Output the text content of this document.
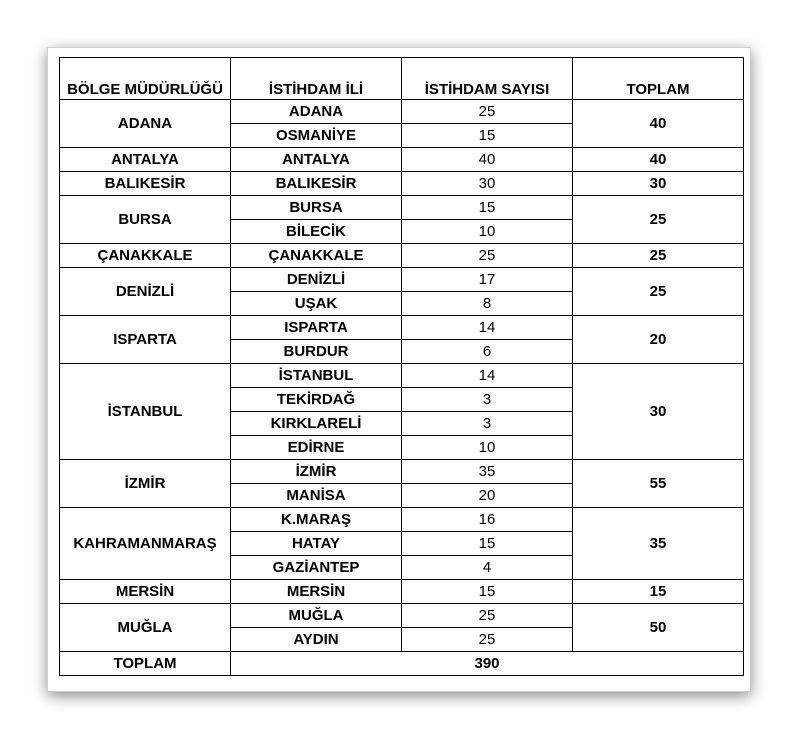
BÖLGE MÜDÜRLÜĞÜ	İSTİHDAM İLİ	İSTİHDAM SAYISI	TOPLAM
ADANA	ADANA	25	40
	OSMANİYE	15	
ANTALYA	ANTALYA	40	40
BALIKESİR	BALIKESİR	30	30
BURSA	BURSA	15	25
	BİLECİK	10	
ÇANAKKALE	ÇANAKKALE	25	25
DENİZLİ	DENİZLİ	17	25
	UŞAK	8	
ISPARTA	ISPARTA	14	20
	BURDUR	6	
İSTANBUL	İSTANBUL	14	30
	TEKİRDAĞ	3	
	KIRKLARELİ	3	
	EDİRNE	10	
İZMİR	İZMİR	35	55
	MANİSA	20	
KAHRAMANMARAŞ	K.MARAŞ	16	35
	HATAY	15	
	GAZİANTEP	4	
MERSİN	MERSİN	15	15
MUĞLA	MUĞLA	25	50
	AYDIN	25	
TOPLAM	390		
